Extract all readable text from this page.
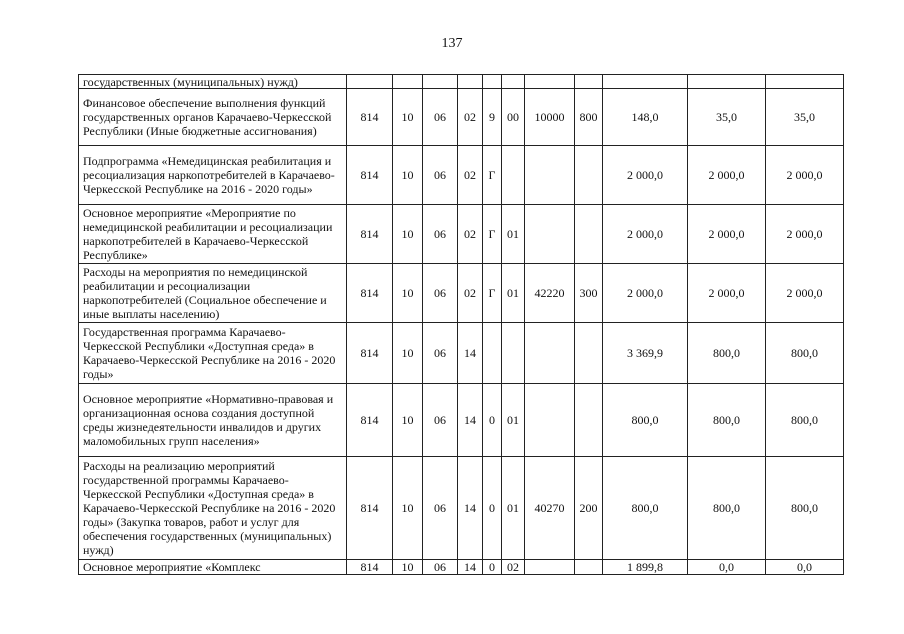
137
государственных (муниципальных) нужд)											
Финансовое обеспечение выполнения функций государственных органов Карачаево-Черкесской Республики (Иные бюджетные ассигнования)	814	10	06	02	9	00	10000	800	148,0	35,0	35,0
Подпрограмма «Немедицинская реабилитация и ресоциализация наркопотребителей в Карачаево-Черкесской Республике на 2016 - 2020 годы»	814	10	06	02	Г				2 000,0	2 000,0	2 000,0
Основное мероприятие «Мероприятие по немедицинской реабилитации и ресоциализации наркопотребителей в Карачаево-Черкесской Республике»	814	10	06	02	Г	01			2 000,0	2 000,0	2 000,0
Расходы на мероприятия по немедицинской реабилитации и ресоциализации наркопотребителей (Социальное обеспечение и иные выплаты населению)	814	10	06	02	Г	01	42220	300	2 000,0	2 000,0	2 000,0
Государственная программа Карачаево-Черкесской Республики «Доступная среда» в Карачаево-Черкесской Республике на 2016 - 2020 годы»	814	10	06	14					3 369,9	800,0	800,0
Основное мероприятие «Нормативно-правовая и организационная основа создания доступной среды жизнедеятельности инвалидов и других маломобильных групп населения»	814	10	06	14	0	01			800,0	800,0	800,0
Расходы на реализацию мероприятий государственной программы Карачаево-Черкесской Республики «Доступная среда» в Карачаево-Черкесской Республике на 2016 - 2020 годы» (Закупка товаров, работ и услуг для обеспечения государственных (муниципальных) нужд)	814	10	06	14	0	01	40270	200	800,0	800,0	800,0
Основное мероприятие «Комплекс	814	10	06	14	0	02			1 899,8	0,0	0,0
